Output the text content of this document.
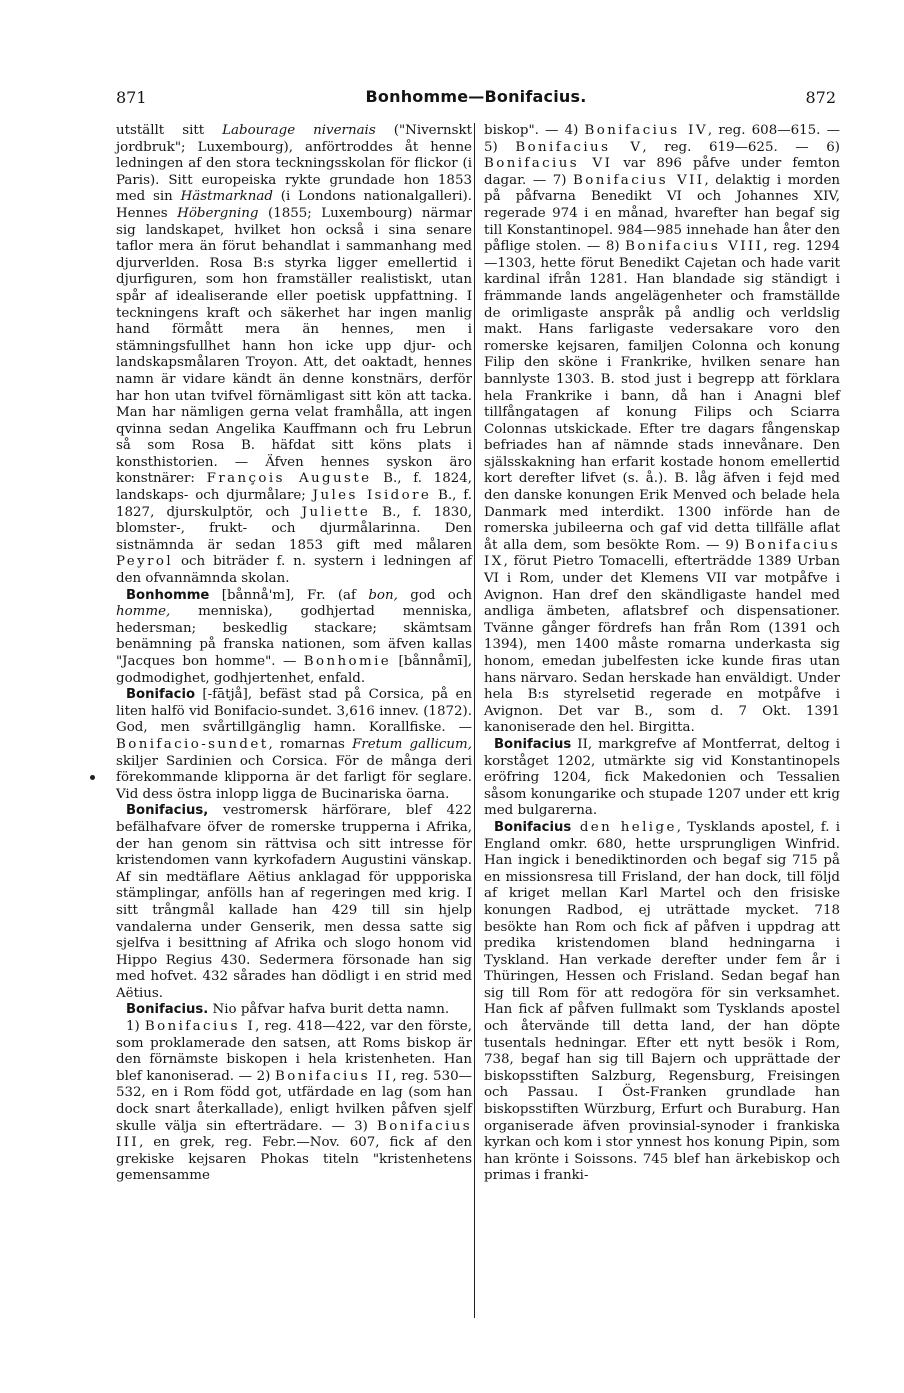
871	Bonhomme—Bonifacius.	872

utställt sitt Labourage nivernais ("Nivernskt jordbruk"; Luxembourg), anförtroddes åt henne ledningen af den stora teckningsskolan för flickor (i Paris). Sitt europeiska rykte grundade hon 1853 med sin Hästmarknad (i Londons nationalgalleri). Hennes Höbergning (1855; Luxembourg) närmar sig landskapet, hvilket hon också i sina senare taflor mera än förut behandlat i sammanhang med djurverlden. Rosa B:s styrka ligger emellertid i djurfiguren, som hon framställer realistiskt, utan spår af idealiserande eller poetisk uppfattning. I teckningens kraft och säkerhet har ingen manlig hand förmått mera än hennes, men i stämningsfullhet hann hon icke upp djur- och landskapsmålaren Troyon. Att, det oaktadt, hennes namn är vidare kändt än denne konstnärs, derför har hon utan tvifvel förnämligast sitt kön att tacka. Man har nämligen gerna velat framhålla, att ingen qvinna sedan Angelika Kauffmann och fru Lebrun så som Rosa B. häfdat sitt köns plats i konsthistorien. — Äfven hennes syskon äro konstnärer: François Auguste B., f. 1824, landskaps- och djurmålare; Jules Isidore B., f. 1827, djurskulptör, och Juliette B., f. 1830, blomster-, frukt- och djurmålarinna. Den sistnämnda är sedan 1853 gift med målaren Peyrol och biträder f. n. systern i ledningen af den ofvannämnda skolan.

Bonhomme [bånnå'm], Fr. (af bon, god och homme, menniska), godhjertad menniska, hedersman; beskedlig stackare; skämtsam benämning på franska nationen, som äfven kallas "Jacques bon homme". — Bonhomie [bånnåmī], godmodighet, godhjertenhet, enfald.

Bonifacio [-fātjå], befäst stad på Corsica, på en liten halfö vid Bonifacio-sundet. 3,616 innev. (1872). God, men svårtillgänglig hamn. Korallfiske. — Bonifacio-sundet, romarnas Fretum gallicum, skiljer Sardinien och Corsica. För de många deri förekommande klipporna är det farligt för seglare. Vid dess östra inlopp ligga de Bucinariska öarna.

Bonifacius, vestromersk härförare, blef 422 befälhafvare öfver de romerske trupperna i Afrika, der han genom sin rättvisa och sitt intresse för kristendomen vann kyrkofadern Augustini vänskap. Af sin medtäflare Aëtius anklagad för uppроriska stämplingar, anfölls han af regeringen med krig. I sitt trångmål kallade han 429 till sin hjelp vandalerna under Genserik, men dessa satte sig sjelfva i besittning af Afrika och slogo honom vid Hippo Regius 430. Sedermera försonade han sig med hofvet. 432 sårades han dödligt i en strid med Aëtius.

Bonifacius. Nio påfvar hafva burit detta namn.

1) Bonifacius I, reg. 418—422, var den förste, som proklamerade den satsen, att Roms biskop är den förnämste biskopen i hela kristenheten. Han blef kanoniserad. — 2) Bonifacius II, reg. 530—532, en i Rom född got, utfärdade en lag (som han dock snart återkallade), enligt hvilken påfven sjelf skulle välja sin efterträdare. — 3) Bonifacius III, en grek, reg. Febr.—Nov. 607, fick af den grekiske kejsaren Phokas titeln "kristenhetens gemensamme

biskop". — 4) Bonifacius IV, reg. 608—615. — 5) Bonifacius V, reg. 619—625. — 6) Bonifacius VI var 896 påfve under femton dagar. — 7) Bonifacius VII, delaktig i morden på påfvarna Benedikt VI och Johannes XIV, regerade 974 i en månad, hvarefter han begaf sig till Konstantinopel. 984—985 innehade han åter den påflige stolen. — 8) Bonifacius VIII, reg. 1294—1303, hette förut Benedikt Cajetan och hade varit kardinal ifrån 1281. Han blandade sig ständigt i främmande lands angelägenheter och framställde de orimligaste anspråk på andlig och verldslig makt. Hans farligaste vedersakare voro den romerske kejsaren, familjen Colonna och konung Filip den sköne i Frankrike, hvilken senare han bannlyste 1303. B. stod just i begrepp att förklara hela Frankrike i bann, då han i Anagni blef tillfångatagen af konung Filips och Sciarra Colonnas utskickade. Efter tre dagars fångenskap befriades han af nämnde stads innevånare. Den själsskakning han erfarit kostade honom emellertid kort derefter lifvet (s. å.). B. låg äfven i fejd med den danske konungen Erik Menved och belade hela Danmark med interdikt. 1300 införde han de romerska jubileerna och gaf vid detta tillfälle aflat åt alla dem, som besökte Rom. — 9) Bonifacius IX, förut Pietro Tomacelli, efterträdde 1389 Urban VI i Rom, under det Klemens VII var motpåfve i Avignon. Han dref den skändligaste handel med andliga ämbeten, aflatsbref och dispensationer. Tvänne gånger fördrefs han från Rom (1391 och 1394), men 1400 måste romarna underkasta sig honom, emedan jubelfesten icke kunde firas utan hans närvaro. Sedan herskade han enväldigt. Under hela B:s styrelsetid regerade en motpåfve i Avignon. Det var B., som d. 7 Okt. 1391 kanoniserade den hel. Birgitta.

Bonifacius II, markgrefve af Montferrat, deltog i korståget 1202, utmärkte sig vid Konstantinopels eröfring 1204, fick Makedonien och Tessalien såsom konungarike och stupade 1207 under ett krig med bulgarerna.

Bonifacius den helige, Tysklands apostel, f. i England omkr. 680, hette ursprungligen Winfrid. Han ingick i benediktinorden och begaf sig 715 på en missionsresa till Frisland, der han dock, till följd af kriget mellan Karl Martel och den frisiske konungen Radbod, ej uträttade mycket. 718 besökte han Rom och fick af påfven i uppdrag att predika kristendomen bland hedningarna i Tyskland. Han verkade derefter under fem år i Thüringen, Hessen och Frisland. Sedan begaf han sig till Rom för att redogöra för sin verksamhet. Han fick af påfven fullmakt som Tysklands apostel och återvände till detta land, der han döpte tusentals hedningar. Efter ett nytt besök i Rom, 738, begaf han sig till Bajern och upprättade der biskopsstiften Salzburg, Regensburg, Freisingen och Passau. I Öst-Franken grundlade han biskopsstiften Würzburg, Erfurt och Buraburg. Han organiserade äfven provinsial-synoder i frankiska kyrkan och kom i stor ynnest hos konung Pipin, som han krönte i Soissons. 745 blef han ärkebiskop och primas i franki-
